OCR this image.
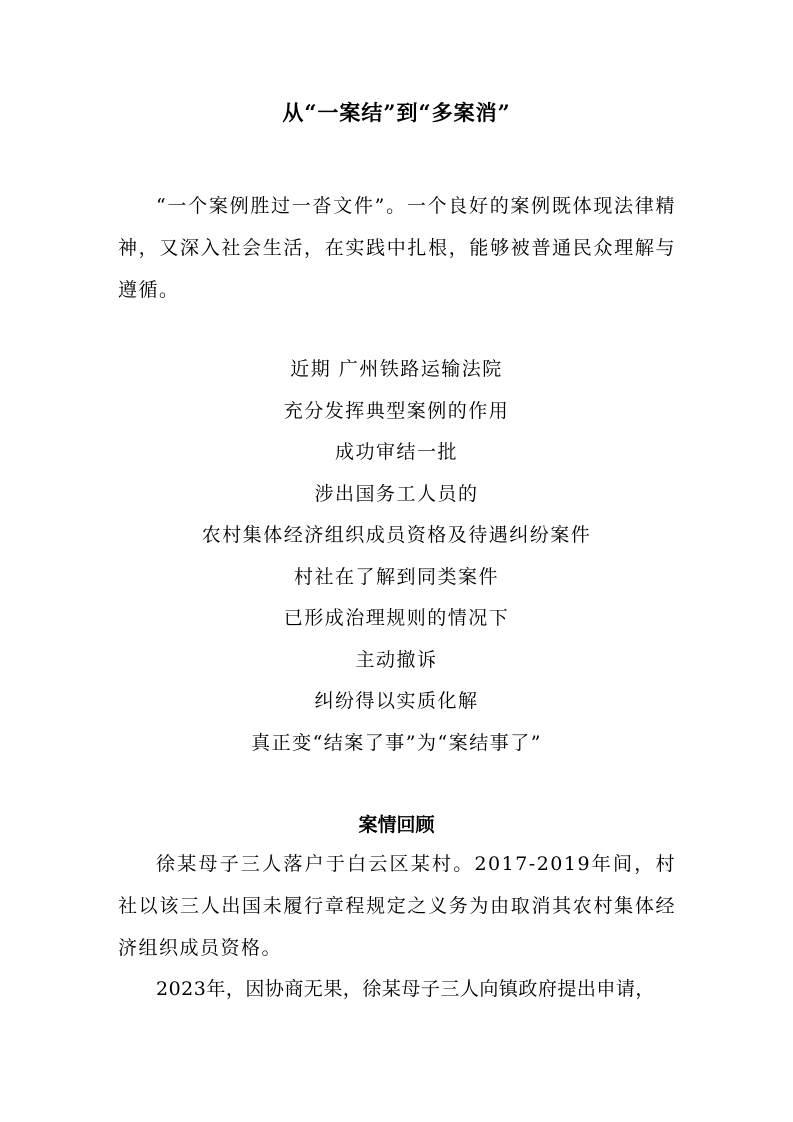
从“一案结”到“多案消”

“一个案例胜过一沓文件”。一个良好的案例既体现法律精神，又深入社会生活，在实践中扎根，能够被普通民众理解与遵循。

近期 广州铁路运输法院
充分发挥典型案例的作用
成功审结一批
涉出国务工人员的
农村集体经济组织成员资格及待遇纠纷案件
村社在了解到同类案件
已形成治理规则的情况下
主动撤诉
纠纷得以实质化解
真正变“结案了事”为“案结事了”
案情回顾

徐某母子三人落户于白云区某村。2017-2019年间，村社以该三人出国未履行章程规定之义务为由取消其农村集体经济组织成员资格。

2023年，因协商无果，徐某母子三人向镇政府提出申请，
